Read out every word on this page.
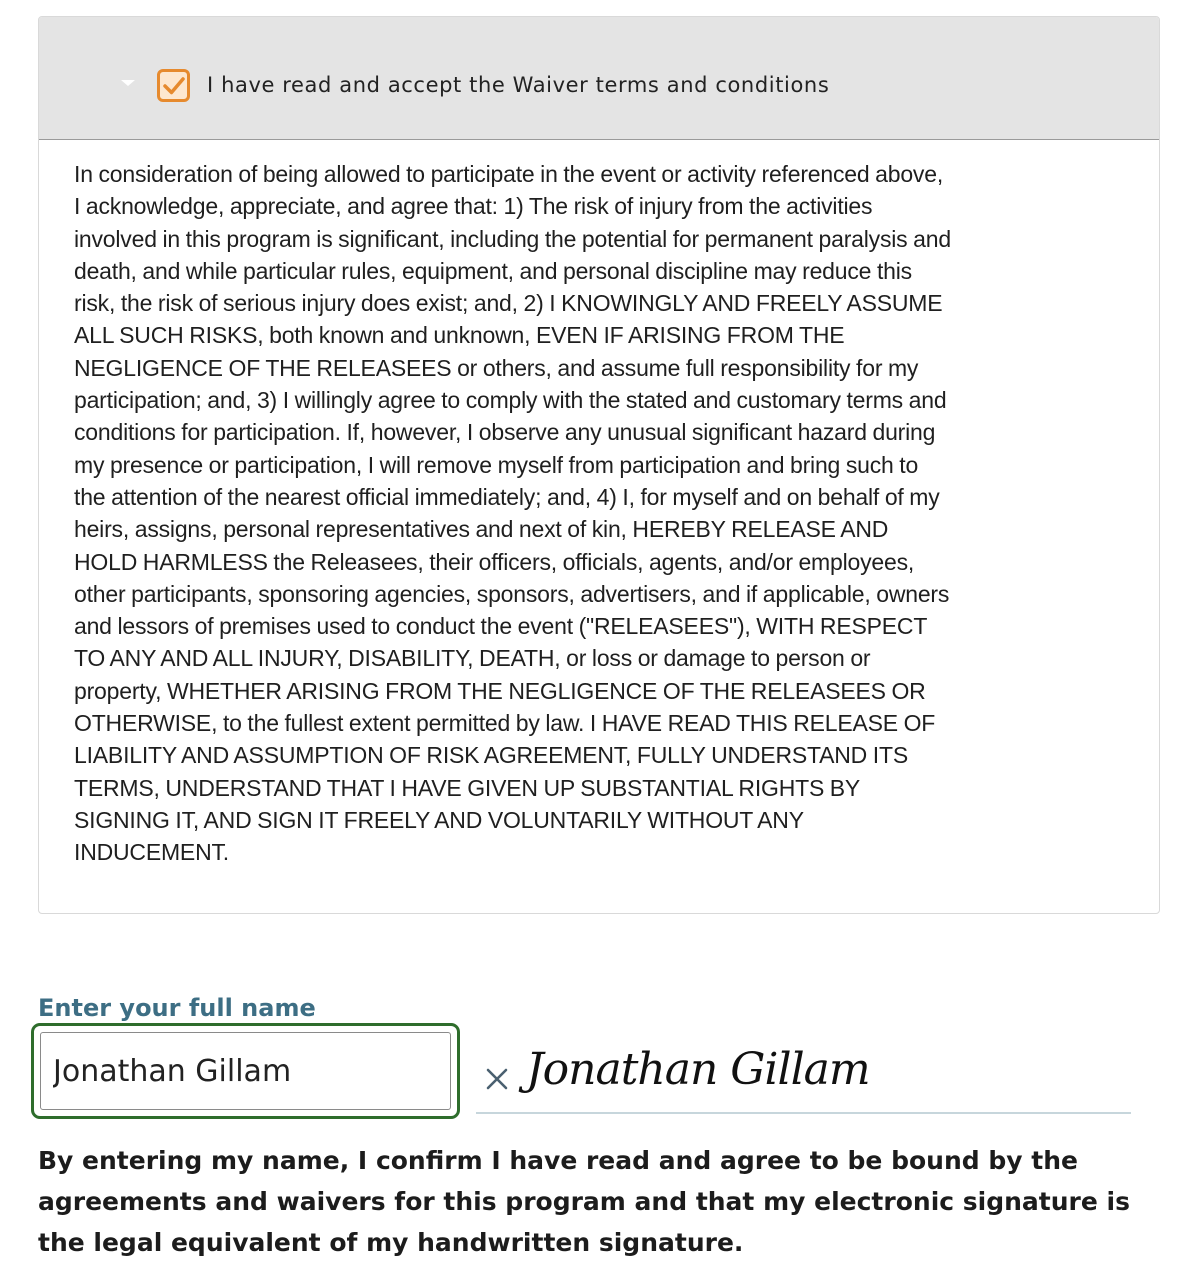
I have read and accept the Waiver terms and conditions
In consideration of being allowed to participate in the event or activity referenced above,
I acknowledge, appreciate, and agree that: 1) The risk of injury from the activities
involved in this program is significant, including the potential for permanent paralysis and
death, and while particular rules, equipment, and personal discipline may reduce this
risk, the risk of serious injury does exist; and, 2) I KNOWINGLY AND FREELY ASSUME
ALL SUCH RISKS, both known and unknown, EVEN IF ARISING FROM THE
NEGLIGENCE OF THE RELEASEES or others, and assume full responsibility for my
participation; and, 3) I willingly agree to comply with the stated and customary terms and
conditions for participation. If, however, I observe any unusual significant hazard during
my presence or participation, I will remove myself from participation and bring such to
the attention of the nearest official immediately; and, 4) I, for myself and on behalf of my
heirs, assigns, personal representatives and next of kin, HEREBY RELEASE AND
HOLD HARMLESS the Releasees, their officers, officials, agents, and/or employees,
other participants, sponsoring agencies, sponsors, advertisers, and if applicable, owners
and lessors of premises used to conduct the event ("RELEASEES"), WITH RESPECT
TO ANY AND ALL INJURY, DISABILITY, DEATH, or loss or damage to person or
property, WHETHER ARISING FROM THE NEGLIGENCE OF THE RELEASEES OR
OTHERWISE, to the fullest extent permitted by law. I HAVE READ THIS RELEASE OF
LIABILITY AND ASSUMPTION OF RISK AGREEMENT, FULLY UNDERSTAND ITS
TERMS, UNDERSTAND THAT I HAVE GIVEN UP SUBSTANTIAL RIGHTS BY
SIGNING IT, AND SIGN IT FREELY AND VOLUNTARILY WITHOUT ANY
INDUCEMENT.
Enter your full name
Jonathan Gillam
Jonathan Gillam
By entering my name, I confirm I have read and agree to be bound by the
agreements and waivers for this program and that my electronic signature is
the legal equivalent of my handwritten signature.
